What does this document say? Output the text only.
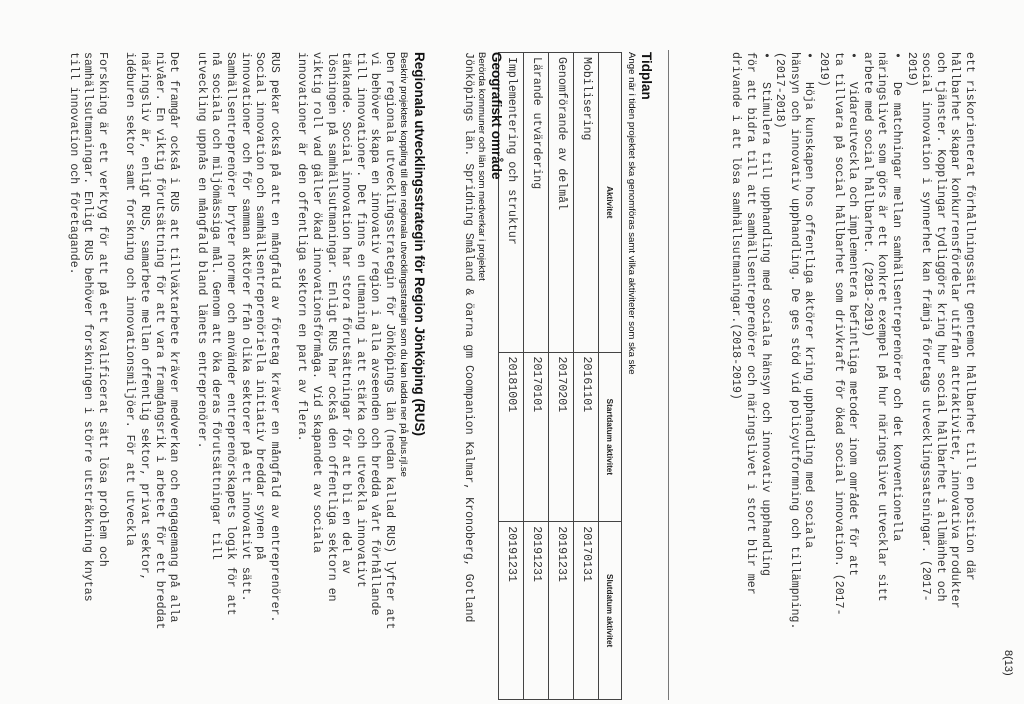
8(13)

ett riskorienterat förhållningssätt gentemot hållbarhet till en position där

hållbarhet skapar konkurrensfördelar utifrån attraktivitet, innovativa produkter

och tjänster. Kopplingar tydliggörs kring hur social hållbarhet i allmänhet och

social innovation i synnerhet kan främja företags utvecklingssatsningar. (2017-

2019)

•De matchningar mellan samhällsentreprenörer och det konventionella

näringslivet som görs är ett konkret exempel på hur näringslivet utvecklar sitt

arbete med social hållbarhet. (2018-2019)

•Vidareutveckla och implementera befintliga metoder inom området för att

ta tillvara på social hållbarhet som drivkraft för ökad social innovation. (2017-

2019)

•Höja kunskapen hos offentliga aktörer kring upphandling med sociala

hänsyn och innovativ upphandling. De ges stöd vid policyutformning och tillämpning.

(2017-2018)

•Stimulera till upphandling med sociala hänsyn och innovativ upphandling

för att bidra till att samhällsentreprenörer och näringslivet i stort blir mer

drivande i att lösa samhällsutmaningar.(2018-2019)

Tidplan
Ange när i tiden projektet ska genomföras samt vilka aktiviteter som ska ske
Aktivitet	Startdatum aktivitet	Slutdatum aktivitet
Mobilisering	20161101	20170131
Genomförande av delmål	20170201	20191231
Lärande utvärdering	20170101	20191231
Implementering och struktur	20181001	20191231
Geografiskt område
Berörda kommuner och län som medverkar i projektet
Jönköpings län. Spridning Småland & öarna gm Coompanion Kalmar, Kronoberg, Gotland
Regionala utvecklingsstrategin för Region Jönköping (RUS)
Beskriv projektets koppling till den regionala utvecklingsstrategin som du kan ladda ner på plus.rjl.se

Den regionala utvecklingsstrategin för Jönköpings län (nedan kallad RUS) lyfter att
vi behöver skapa en innovativ region i alla avseenden och bredda vårt förhållande
till innovationer. Det finns en utmaning i att stärka och utveckla innovativt
tänkande. Social innovation har stora förutsättningar för att bli en del av
lösningen på samhällsutmaningar. Enligt RUS har också den offentliga sektorn en
viktig roll vad gäller ökad innovationsförmåga. Vid skapandet av sociala
innovationer är den offentliga sektorn en part av flera.

RUS pekar också på att en mångfald av företag kräver en mångfald av entreprenörer.
Social innovation och samhällsentreprenöriella initiativ breddar synen på
innovationer och för samman aktörer från olika sektorer på ett innovativt sätt.
Samhällsentreprenörer bryter normer och använder entreprenörskapets logik för att
nå sociala och miljömässiga mål. Genom att öka deras förutsättningar till
utveckling uppnås en mångfald bland länets entreprenörer.

Det framgår också i RUS att tillväxtarbete kräver medverkan och engagemang på alla
nivåer. En viktig förutsättning för att vara framgångsrik i arbetet för ett breddat
näringsliv är, enligt RUS, samarbete mellan offentlig sektor, privat sektor,
idéburen sektor samt forskning och innovationsmiljöer. För att utveckla

Forskning är ett verktyg för att på ett kvalificerat sätt lösa problem och
samhällsutmaningar. Enligt RUS behöver forskningen i större utsträckning knytas
till innovation och företagande.
